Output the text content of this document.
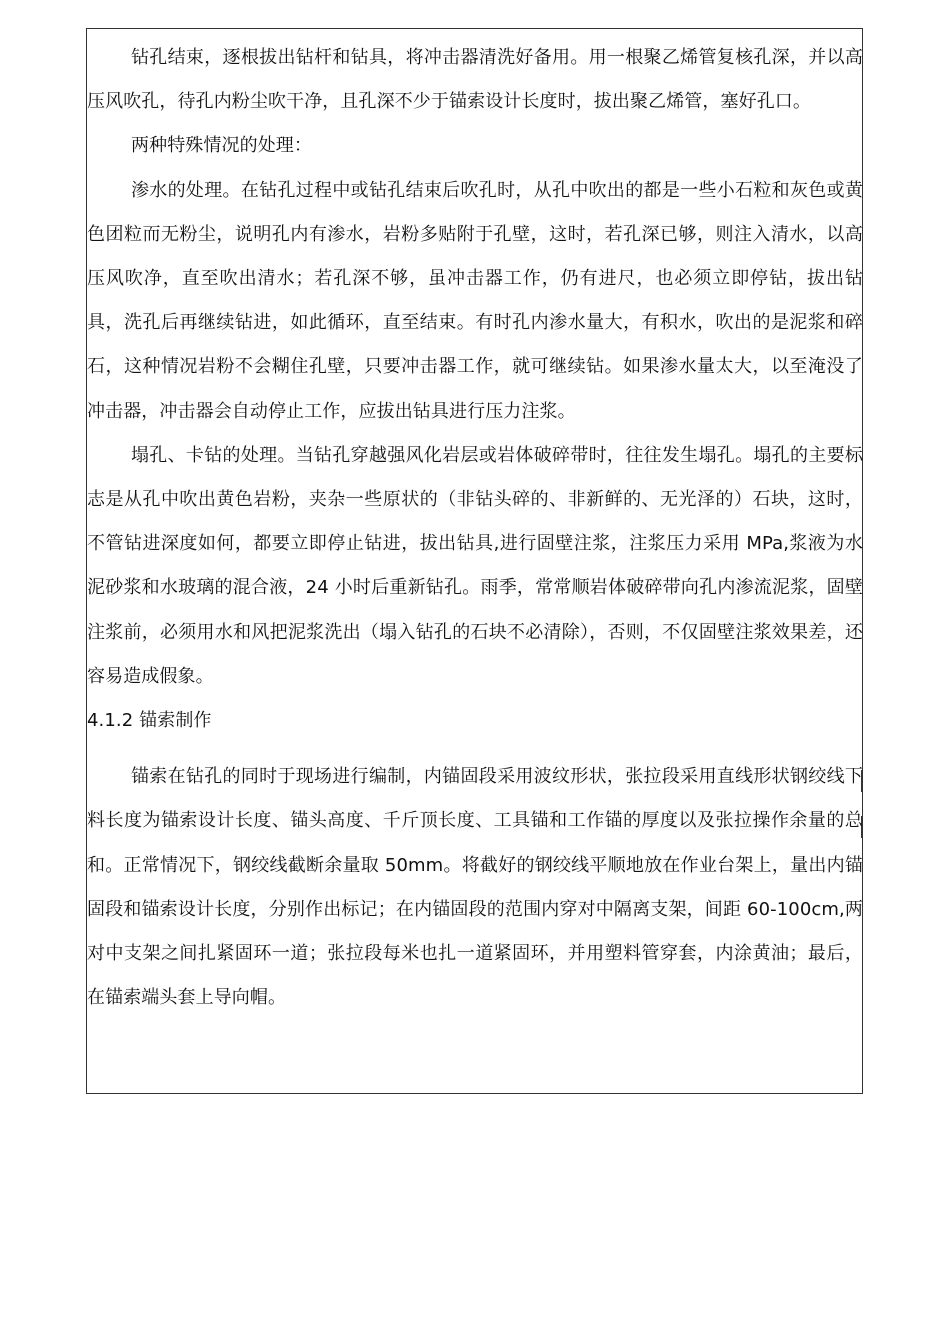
钻孔结束，逐根拔出钻杆和钻具，将冲击器清洗好备用。用一根聚乙烯管复核孔深，并以高压风吹孔，待孔内粉尘吹干净，且孔深不少于锚索设计长度时，拔出聚乙烯管，塞好孔口。

两种特殊情况的处理：

渗水的处理。在钻孔过程中或钻孔结束后吹孔时，从孔中吹出的都是一些小石粒和灰色或黄色团粒而无粉尘，说明孔内有渗水，岩粉多贴附于孔壁，这时，若孔深已够，则注入清水，以高压风吹净，直至吹出清水；若孔深不够，虽冲击器工作，仍有进尺，也必须立即停钻，拔出钻具，洗孔后再继续钻进，如此循环，直至结束。有时孔内渗水量大，有积水，吹出的是泥浆和碎石，这种情况岩粉不会糊住孔壁，只要冲击器工作，就可继续钻。如果渗水量太大，以至淹没了冲击器，冲击器会自动停止工作，应拔出钻具进行压力注浆。

塌孔、卡钻的处理。当钻孔穿越强风化岩层或岩体破碎带时，往往发生塌孔。塌孔的主要标志是从孔中吹出黄色岩粉，夹杂一些原状的（非钻头碎的、非新鲜的、无光泽的）石块，这时，不管钻进深度如何，都要立即停止钻进，拔出钻具,进行固壁注浆，注浆压力采用 MPa,浆液为水泥砂浆和水玻璃的混合液，24 小时后重新钻孔。雨季，常常顺岩体破碎带向孔内渗流泥浆，固壁注浆前，必须用水和风把泥浆洗出（塌入钻孔的石块不必清除），否则，不仅固壁注浆效果差，还容易造成假象。

4.1.2 锚索制作

锚索在钻孔的同时于现场进行编制，内锚固段采用波纹形状，张拉段采用直线形状钢绞线下料长度为锚索设计长度、锚头高度、千斤顶长度、工具锚和工作锚的厚度以及张拉操作余量的总和。正常情况下，钢绞线截断余量取 50mm。将截好的钢绞线平顺地放在作业台架上，量出内锚固段和锚索设计长度，分别作出标记；在内锚固段的范围内穿对中隔离支架，间距 60-100cm,两对中支架之间扎紧固环一道；张拉段每米也扎一道紧固环，并用塑料管穿套，内涂黄油；最后，在锚索端头套上导向帽。
